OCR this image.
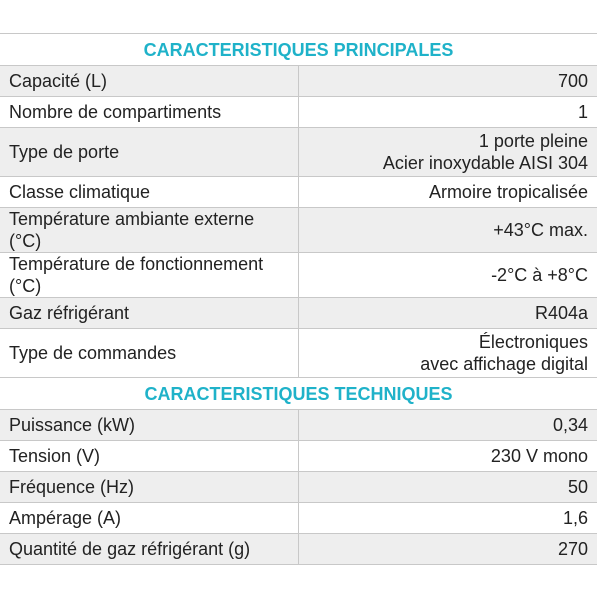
CARACTERISTIQUES PRINCIPALES	
Capacité (L)	700

Nombre de compartiments	1

Type de porte	1 porte pleine
Acier inoxydable AISI 304

Classe climatique	Armoire tropicalisée

Température ambiante externe (°C)	+43°C max.

Température de fonctionnement (°C)	-2°C à +8°C

Gaz réfrigérant	R404a

Type de commandes	Électroniques
avec affichage digital

CARACTERISTIQUES TECHNIQUES	
Puissance (kW)	0,34

Tension (V)	230 V mono

Fréquence (Hz)	50

Ampérage (A)	1,6

Quantité de gaz réfrigérant (g)	270
